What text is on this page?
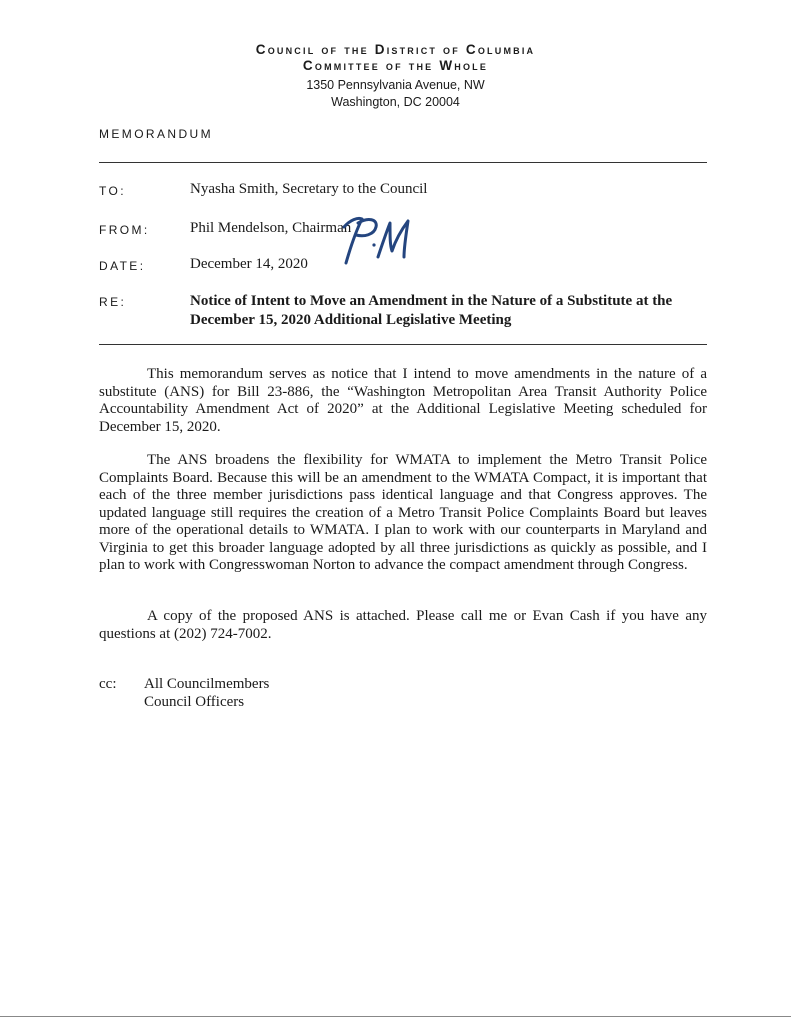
Council of the District of Columbia
Committee of the Whole
1350 Pennsylvania Avenue, NW
Washington, DC 20004
MEMORANDUM
TO:	Nyasha Smith, Secretary to the Council
FROM:	Phil Mendelson, Chairman
DATE:	December 14, 2020
RE:	Notice of Intent to Move an Amendment in the Nature of a Substitute at the December 15, 2020 Additional Legislative Meeting
This memorandum serves as notice that I intend to move amendments in the nature of a substitute (ANS) for Bill 23-886, the “Washington Metropolitan Area Transit Authority Police Accountability Amendment Act of 2020” at the Additional Legislative Meeting scheduled for December 15, 2020.
The ANS broadens the flexibility for WMATA to implement the Metro Transit Police Complaints Board. Because this will be an amendment to the WMATA Compact, it is important that each of the three member jurisdictions pass identical language and that Congress approves. The updated language still requires the creation of a Metro Transit Police Complaints Board but leaves more of the operational details to WMATA. I plan to work with our counterparts in Maryland and Virginia to get this broader language adopted by all three jurisdictions as quickly as possible, and I plan to work with Congresswoman Norton to advance the compact amendment through Congress.
A copy of the proposed ANS is attached. Please call me or Evan Cash if you have any questions at (202) 724-7002.
cc: All Councilmembers
Council Officers
